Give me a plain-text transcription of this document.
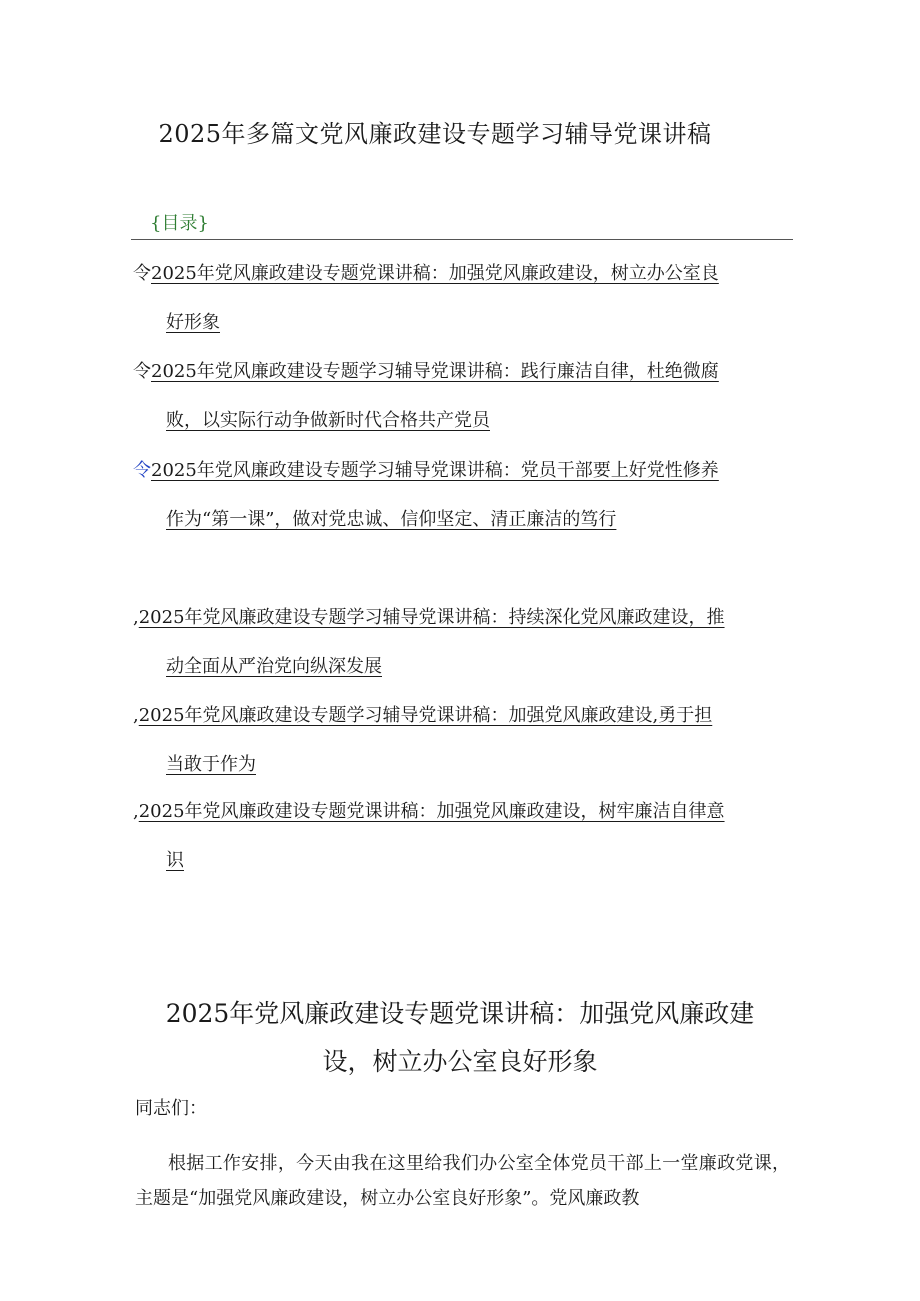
2025年多篇文党风廉政建设专题学习辅导党课讲稿
{目录}
令 2025年党风廉政建设专题党课讲稿：加强党风廉政建设，树立办公室良
好形象
令 2025年党风廉政建设专题学习辅导党课讲稿：践行廉洁自律，杜绝微腐
败，以实际行动争做新时代合格共产党员
令 2025年党风廉政建设专题学习辅导党课讲稿：党员干部要上好党性修养
作为“第一课”，做对党忠诚、信仰坚定、清正廉洁的笃行
, 2025年党风廉政建设专题学习辅导党课讲稿：持续深化党风廉政建设，推
动全面从严治党向纵深发展
, 2025年党风廉政建设专题学习辅导党课讲稿：加强党风廉政建设,勇于担
当敢于作为
, 2025年党风廉政建设专题党课讲稿：加强党风廉政建设，树牢廉洁自律意
识
2025年党风廉政建设专题党课讲稿：加强党风廉政建
设，树立办公室良好形象
同志们：

根据工作安排，今天由我在这里给我们办公室全体党员干部上一堂廉政党课，主题是“加强党风廉政建设，树立办公室良好形象”。党风廉政教
